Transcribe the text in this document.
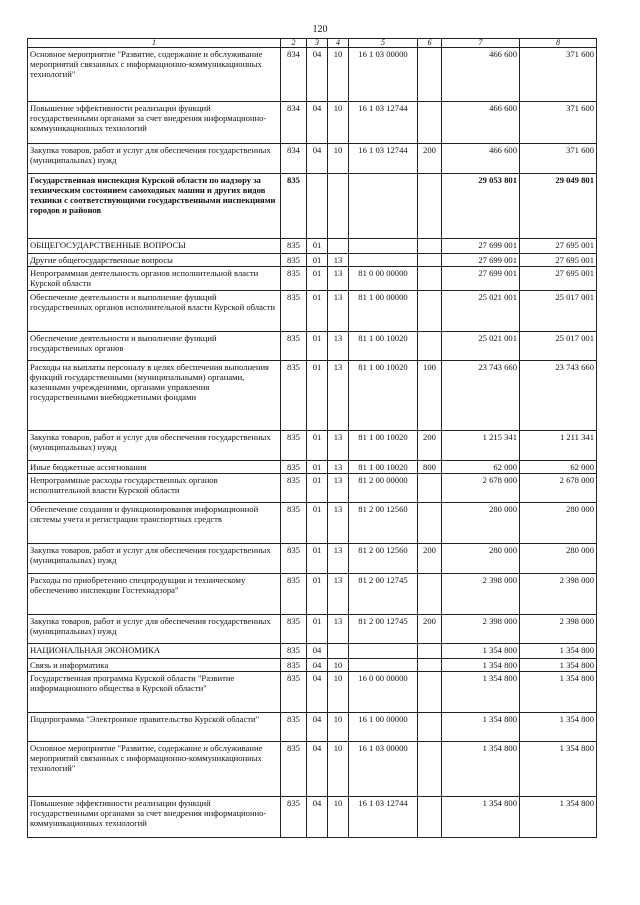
120
1	2	3	4	5	6	7	8
Основное мероприятие "Развитие, содержание и обслуживание мероприятий связанных с информационно-коммуникационных технологий"	834	04	10	16 1 03 00000		466 600	371 600
Повышение эффективности реализации функций государственными органами за счет внедрения информационно-коммуникационных технологий	834	04	10	16 1 03 12744		466 600	371 600
Закупка товаров, работ и услуг для обеспечения государственных (муниципальных) нужд	834	04	10	16 1 03 12744	200	466 600	371 600
Государственная инспекция Курской области по надзору за техническим состоянием самоходных машин и других видов техники с соответствующими государственными инспекциями городов и районов	835					29 053 801	29 049 801
ОБЩЕГОСУДАРСТВЕННЫЕ ВОПРОСЫ	835	01				27 699 001	27 695 001
Другие общегосударственные вопросы	835	01	13			27 699 001	27 695 001
Непрограммная деятельность органов исполнительной власти Курской области	835	01	13	81 0 00 00000		27 699 001	27 695 001
Обеспечение деятельности и выполнение функций государственных органов исполнительной власти Курской области	835	01	13	81 1 00 00000		25 021 001	25 017 001
Обеспечение деятельности и выполнение функций государственных органов	835	01	13	81 1 00 10020		25 021 001	25 017 001
Расходы на выплаты персоналу в целях обеспечения выполнения функций государственными (муниципальными) органами, казенными учреждениями, органами управления государственными внебюджетными фондами	835	01	13	81 1 00 10020	100	23 743 660	23 743 660
Закупка товаров, работ и услуг для обеспечения государственных (муниципальных) нужд	835	01	13	81 1 00 10020	200	1 215 341	1 211 341
Иные бюджетные ассигнования	835	01	13	81 1 00 10020	800	62 000	62 000
Непрограммные расходы государственных органов исполнительной власти Курской области	835	01	13	81 2 00 00000		2 678 000	2 678 000
Обеспечение создания и функционирования информационной системы учета и регистрации транспортных средств	835	01	13	81 2 00 12560		280 000	280 000
Закупка товаров, работ и услуг для обеспечения государственных (муниципальных) нужд	835	01	13	81 2 00 12560	200	280 000	280 000
Расходы по приобретению спецпродукции и техническому обеспечению инспекции Гостехнадзора"	835	01	13	81 2 00 12745		2 398 000	2 398 000
Закупка товаров, работ и услуг для обеспечения государственных (муниципальных) нужд	835	01	13	81 2 00 12745	200	2 398 000	2 398 000
НАЦИОНАЛЬНАЯ ЭКОНОМИКА	835	04				1 354 800	1 354 800
Связь и информатика	835	04	10			1 354 800	1 354 800
Государственная программа Курской области "Развитие информационного общества в Курской области"	835	04	10	16 0 00 00000		1 354 800	1 354 800
Подпрограмма "Электронное правительство Курской области"	835	04	10	16 1 00 00000		1 354 800	1 354 800
Основное мероприятие "Развитие, содержание и обслуживание мероприятий связанных с информационно-коммуникационных технологий"	835	04	10	16 1 03 00000		1 354 800	1 354 800
Повышение эффективности реализации функций государственными органами за счет внедрения информационно-коммуникационных технологий	835	04	10	16 1 03 12744		1 354 800	1 354 800
